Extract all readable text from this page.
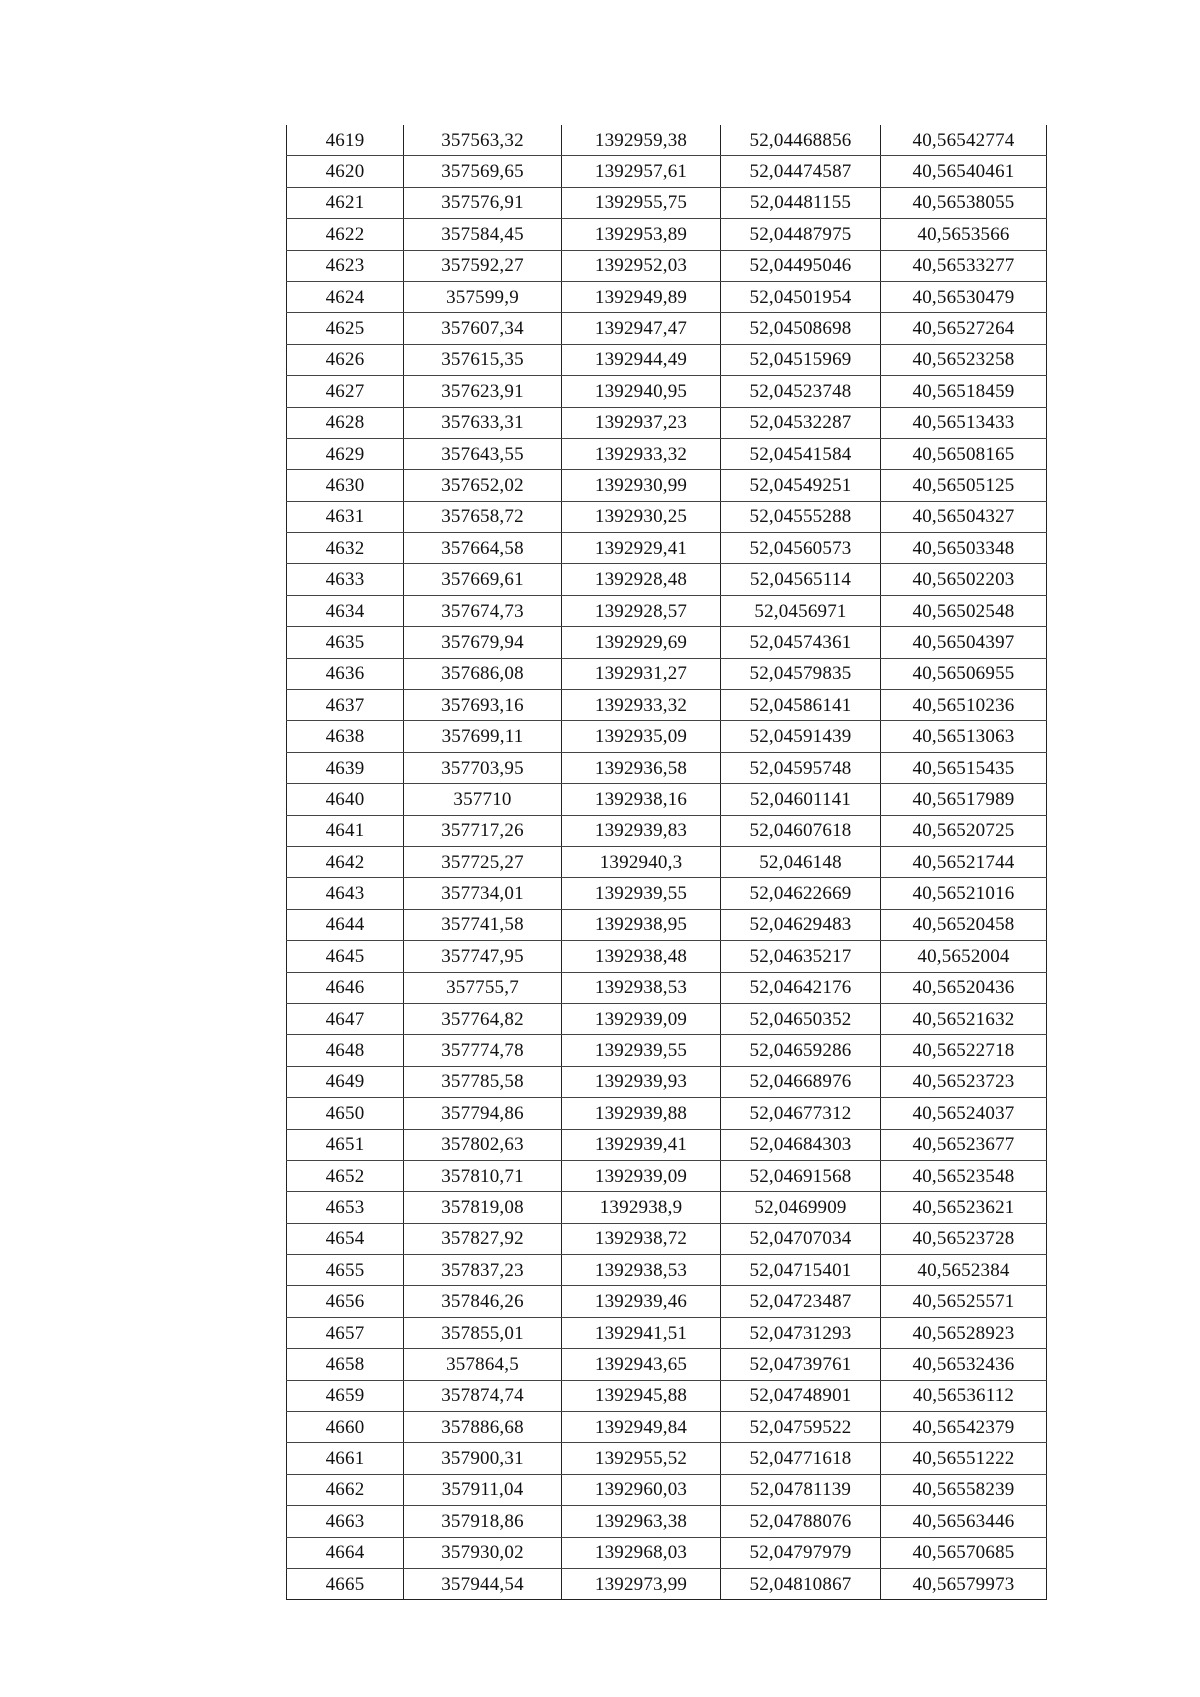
4619	357563,32	1392959,38	52,04468856	40,56542774
4620	357569,65	1392957,61	52,04474587	40,56540461
4621	357576,91	1392955,75	52,04481155	40,56538055
4622	357584,45	1392953,89	52,04487975	40,5653566
4623	357592,27	1392952,03	52,04495046	40,56533277
4624	357599,9	1392949,89	52,04501954	40,56530479
4625	357607,34	1392947,47	52,04508698	40,56527264
4626	357615,35	1392944,49	52,04515969	40,56523258
4627	357623,91	1392940,95	52,04523748	40,56518459
4628	357633,31	1392937,23	52,04532287	40,56513433
4629	357643,55	1392933,32	52,04541584	40,56508165
4630	357652,02	1392930,99	52,04549251	40,56505125
4631	357658,72	1392930,25	52,04555288	40,56504327
4632	357664,58	1392929,41	52,04560573	40,56503348
4633	357669,61	1392928,48	52,04565114	40,56502203
4634	357674,73	1392928,57	52,0456971	40,56502548
4635	357679,94	1392929,69	52,04574361	40,56504397
4636	357686,08	1392931,27	52,04579835	40,56506955
4637	357693,16	1392933,32	52,04586141	40,56510236
4638	357699,11	1392935,09	52,04591439	40,56513063
4639	357703,95	1392936,58	52,04595748	40,56515435
4640	357710	1392938,16	52,04601141	40,56517989
4641	357717,26	1392939,83	52,04607618	40,56520725
4642	357725,27	1392940,3	52,046148	40,56521744
4643	357734,01	1392939,55	52,04622669	40,56521016
4644	357741,58	1392938,95	52,04629483	40,56520458
4645	357747,95	1392938,48	52,04635217	40,5652004
4646	357755,7	1392938,53	52,04642176	40,56520436
4647	357764,82	1392939,09	52,04650352	40,56521632
4648	357774,78	1392939,55	52,04659286	40,56522718
4649	357785,58	1392939,93	52,04668976	40,56523723
4650	357794,86	1392939,88	52,04677312	40,56524037
4651	357802,63	1392939,41	52,04684303	40,56523677
4652	357810,71	1392939,09	52,04691568	40,56523548
4653	357819,08	1392938,9	52,0469909	40,56523621
4654	357827,92	1392938,72	52,04707034	40,56523728
4655	357837,23	1392938,53	52,04715401	40,5652384
4656	357846,26	1392939,46	52,04723487	40,56525571
4657	357855,01	1392941,51	52,04731293	40,56528923
4658	357864,5	1392943,65	52,04739761	40,56532436
4659	357874,74	1392945,88	52,04748901	40,56536112
4660	357886,68	1392949,84	52,04759522	40,56542379
4661	357900,31	1392955,52	52,04771618	40,56551222
4662	357911,04	1392960,03	52,04781139	40,56558239
4663	357918,86	1392963,38	52,04788076	40,56563446
4664	357930,02	1392968,03	52,04797979	40,56570685
4665	357944,54	1392973,99	52,04810867	40,56579973
